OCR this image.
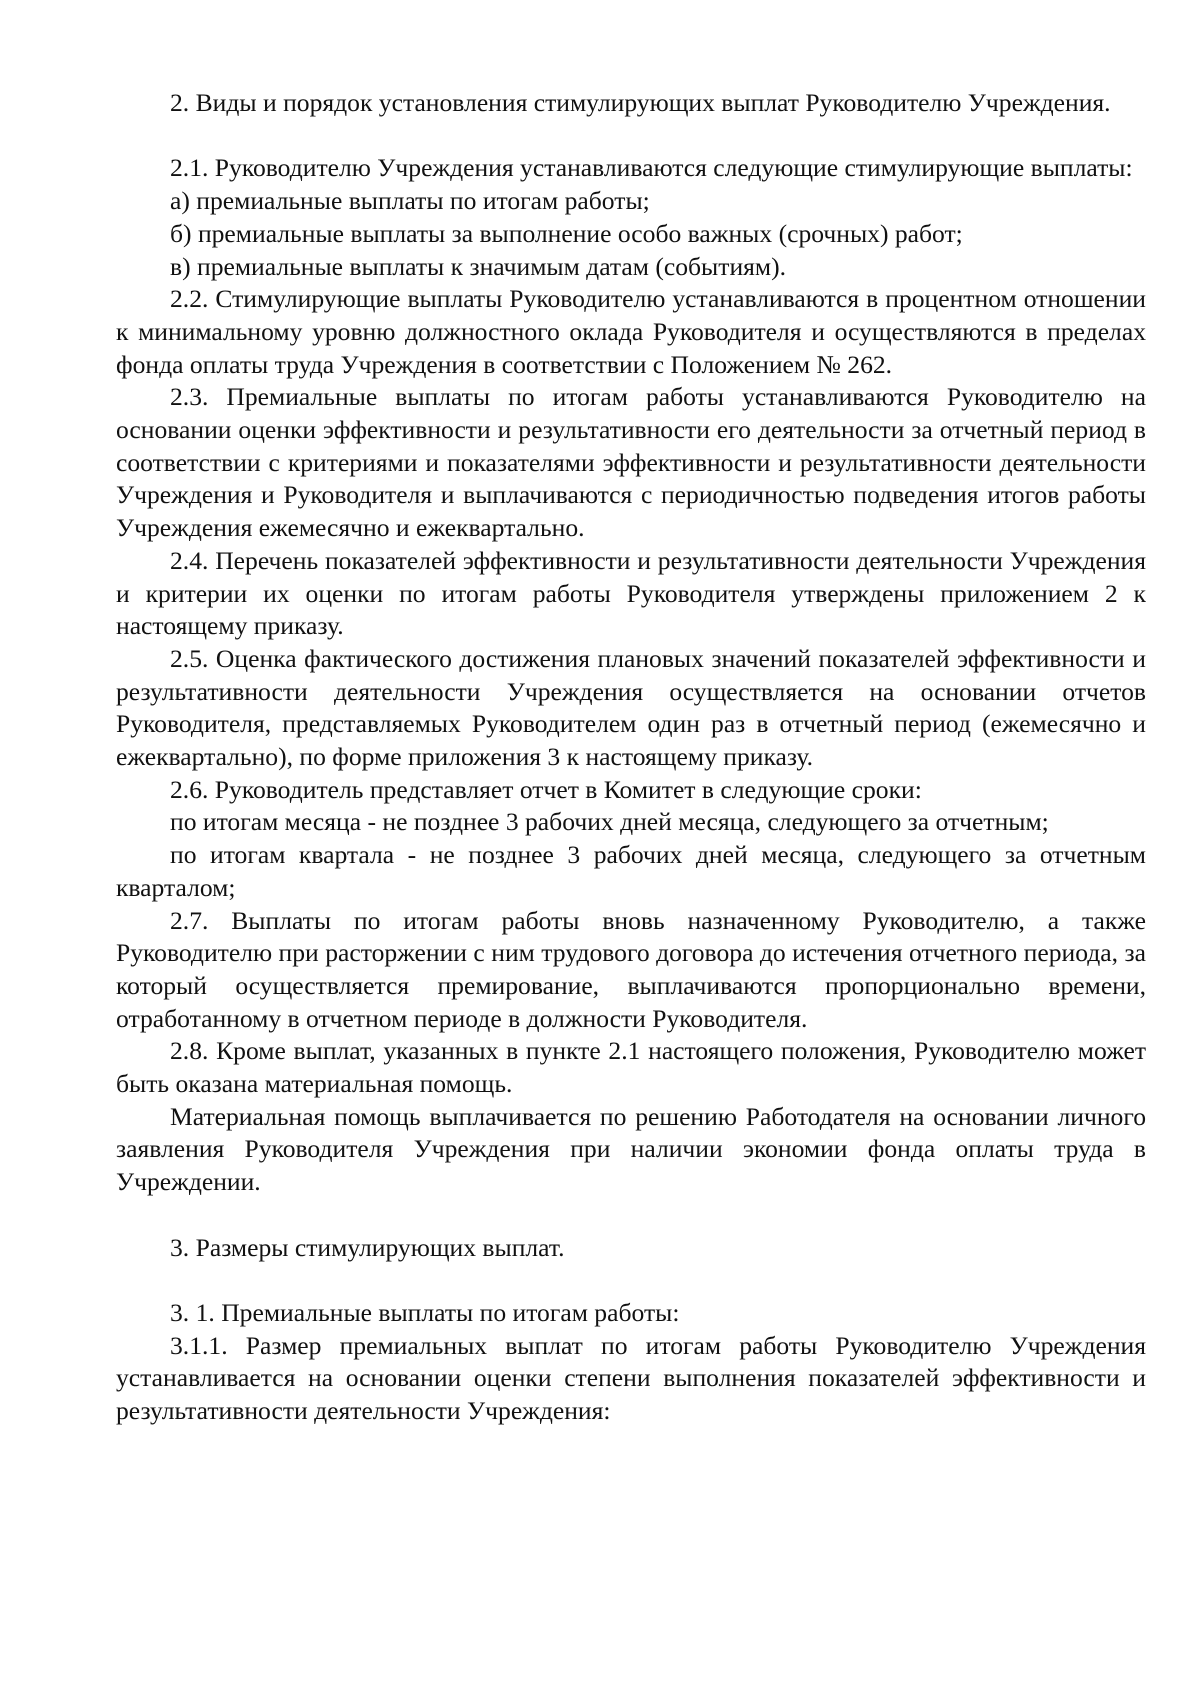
2. Виды и порядок установления стимулирующих выплат Руководителю Учреждения.

2.1. Руководителю Учреждения устанавливаются следующие стимулирующие выплаты:

а) премиальные выплаты по итогам работы;

б) премиальные выплаты за выполнение особо важных (срочных) работ;

в) премиальные выплаты к значимым датам (событиям).

2.2. Стимулирующие выплаты Руководителю устанавливаются в процентном отношении к минимальному уровню должностного оклада Руководителя и осуществляются в пределах фонда оплаты труда Учреждения в соответствии с Положением № 262.

2.3. Премиальные выплаты по итогам работы устанавливаются Руководителю на основании оценки эффективности и результативности его деятельности за отчетный период в соответствии с критериями и показателями эффективности и результативности деятельности Учреждения и Руководителя и выплачиваются с периодичностью подведения итогов работы Учреждения ежемесячно и ежеквартально.

2.4. Перечень показателей эффективности и результативности деятельности Учреждения и критерии их оценки по итогам работы Руководителя утверждены приложением 2 к настоящему приказу.

2.5. Оценка фактического достижения плановых значений показателей эффективности и результативности деятельности Учреждения осуществляется на основании отчетов Руководителя, представляемых Руководителем один раз в отчетный период (ежемесячно и ежеквартально), по форме приложения 3 к настоящему приказу.

2.6. Руководитель представляет отчет в Комитет в следующие сроки:

по итогам месяца - не позднее 3 рабочих дней месяца, следующего за отчетным;

по итогам квартала - не позднее 3 рабочих дней месяца, следующего за отчетным кварталом;

2.7. Выплаты по итогам работы вновь назначенному Руководителю, а также Руководителю при расторжении с ним трудового договора до истечения отчетного периода, за который осуществляется премирование, выплачиваются пропорционально времени, отработанному в отчетном периоде в должности Руководителя.

2.8. Кроме выплат, указанных в пункте 2.1 настоящего положения, Руководителю может быть оказана материальная помощь.

Материальная помощь выплачивается по решению Работодателя на основании личного заявления Руководителя Учреждения при наличии экономии фонда оплаты труда в Учреждении.

3. Размеры стимулирующих выплат.

3. 1. Премиальные выплаты по итогам работы:

3.1.1. Размер премиальных выплат по итогам работы Руководителю Учреждения устанавливается на основании оценки степени выполнения показателей эффективности и результативности деятельности Учреждения:
